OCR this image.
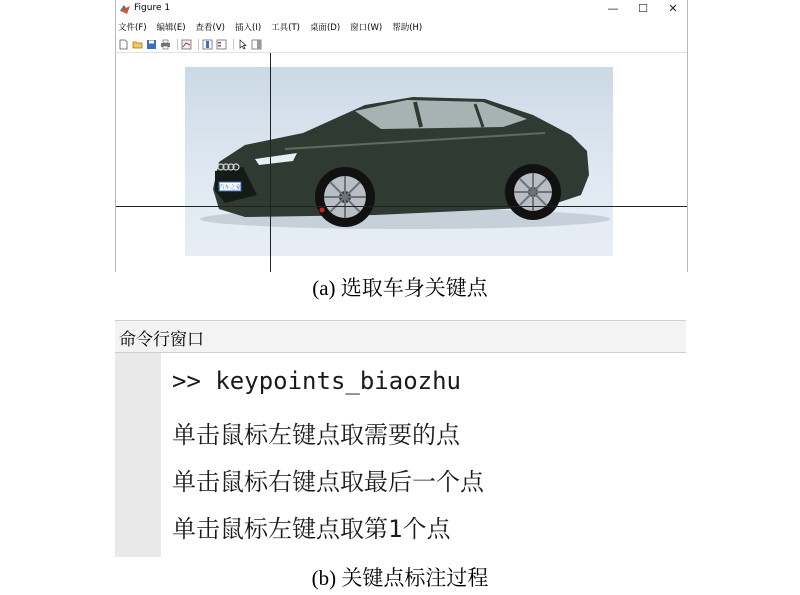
Figure 1	—	☐	✕
文件(F) 编辑(E) 查看(V) 插入(I) 工具(T) 桌面(D) 窗口(W) 帮助(H)
汽车之家
(a) 选取车身关键点
命令行窗口
>> keypoints_biaozhu
单击鼠标左键点取需要的点
单击鼠标右键点取最后一个点
单击鼠标左键点取第1个点
(b) 关键点标注过程
